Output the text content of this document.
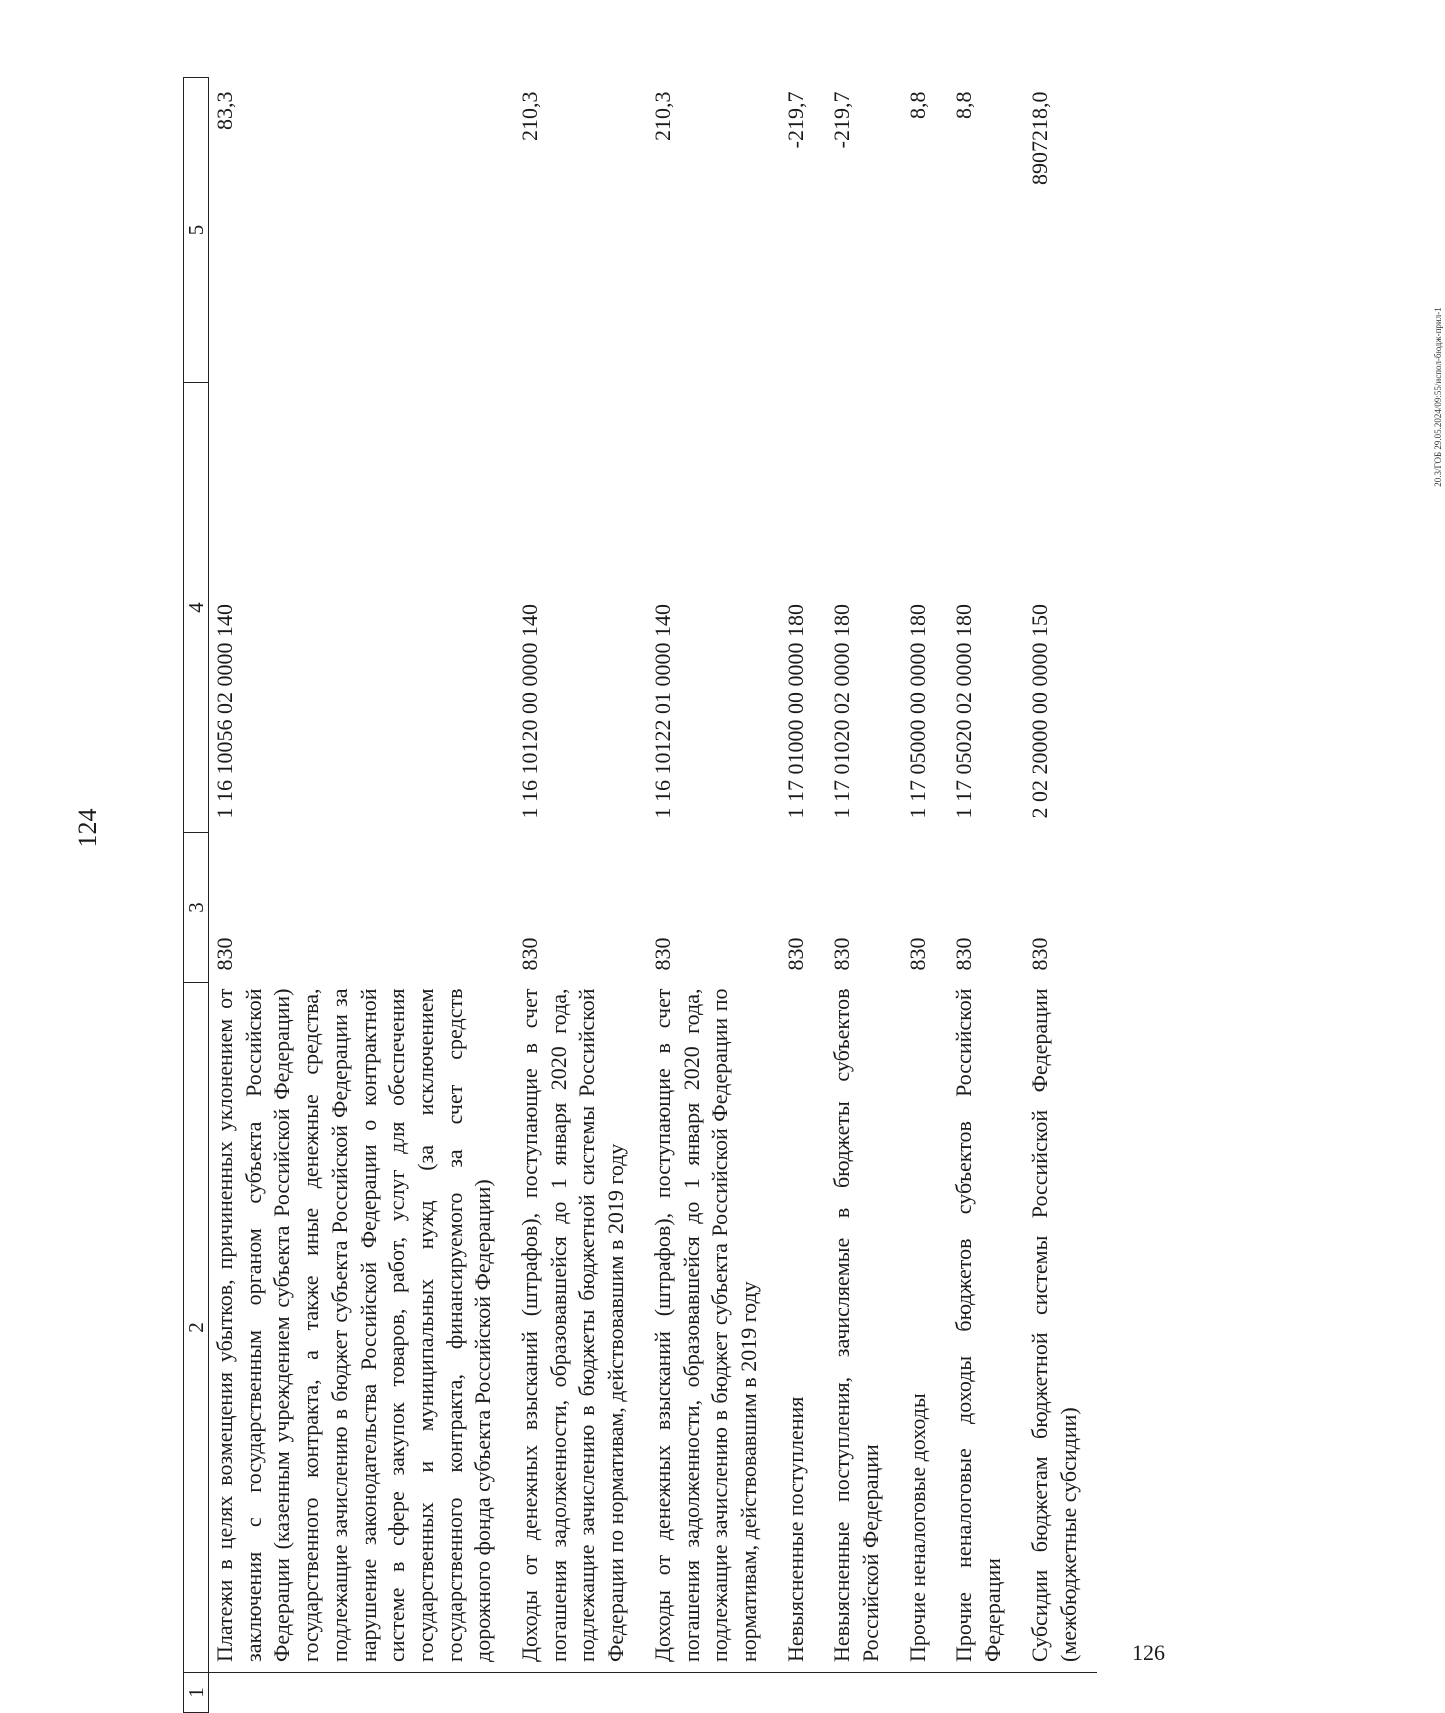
124
1	2	3	4	5
	Платежи в целях возмещения убытков, причиненных уклонением от заключения с государственным органом субъекта Российской Федерации (казенным учреждением субъекта Российской Федерации) государственного контракта, а также иные денежные средства, подлежащие зачислению в бюджет субъекта Российской Федерации за нарушение законодательства Российской Федерации о контрактной системе в сфере закупок товаров, работ, услуг для обеспечения государственных и муниципальных нужд (за исключением государственного контракта, финансируемого за счет средств дорожного фонда субъекта Российской Федерации)	830	1 16 10056 02 0000 140	83,3
	Доходы от денежных взысканий (штрафов), поступающие в счет погашения задолженности, образовавшейся до 1 января 2020 года, подлежащие зачислению в бюджеты бюджетной системы Российской Федерации по нормативам, действовавшим в 2019 году	830	1 16 10120 00 0000 140	210,3
	Доходы от денежных взысканий (штрафов), поступающие в счет погашения задолженности, образовавшейся до 1 января 2020 года, подлежащие зачислению в бюджет субъекта Российской Федерации по нормативам, действовавшим в 2019 году	830	1 16 10122 01 0000 140	210,3
	Невыясненные поступления	830	1 17 01000 00 0000 180	-219,7
	Невыясненные поступления, зачисляемые в бюджеты субъектов Российской Федерации	830	1 17 01020 02 0000 180	-219,7
	Прочие неналоговые доходы	830	1 17 05000 00 0000 180	8,8
	Прочие неналоговые доходы бюджетов субъектов Российской Федерации	830	1 17 05020 02 0000 180	8,8
	Субсидии бюджетам бюджетной системы Российской Федерации (межбюджетные субсидии)	830	2 02 20000 00 0000 150	8907218,0
20.3/ГОБ 29.05.2024/09:55/испол-бюдж-прил-1
126
